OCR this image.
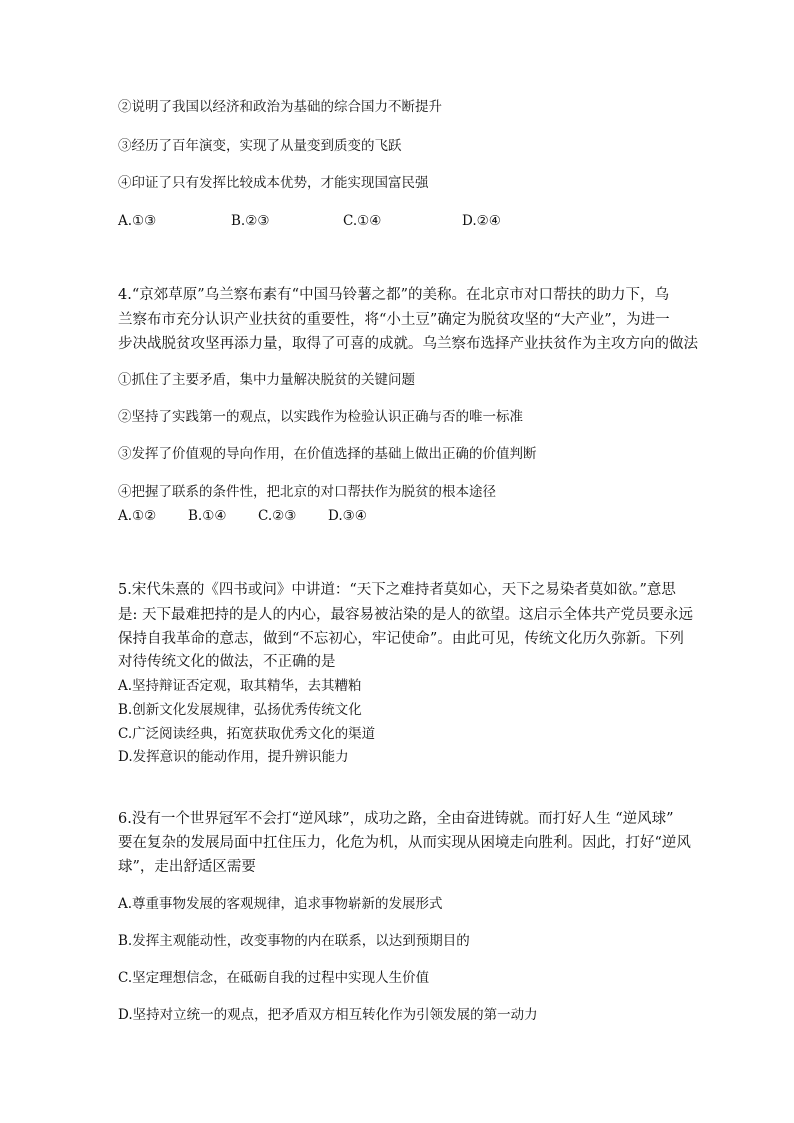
②说明了我国以经济和政治为基础的综合国力不断提升
③经历了百年演变，实现了从量变到质变的飞跃
④印证了只有发挥比较成本优势，才能实现国富民强
A.①③	B.②③	C.①④	D.②④
4.“京郊草原”乌兰察布素有“中国马铃薯之都”的美称。在北京市对口帮扶的助力下，乌
兰察布市充分认识产业扶贫的重要性，将“小土豆”确定为脱贫攻坚的“大产业”，为进一
步决战脱贫攻坚再添力量，取得了可喜的成就。乌兰察布选择产业扶贫作为主攻方向的做法
①抓住了主要矛盾，集中力量解决脱贫的关键问题
②坚持了实践第一的观点，以实践作为检验认识正确与否的唯一标准
③发挥了价值观的导向作用，在价值选择的基础上做出正确的价值判断
④把握了联系的条件性，把北京的对口帮扶作为脱贫的根本途径
A.①② B.①④ C.②③ D.③④
5.宋代朱熹的《四书或问》中讲道：“天下之难持者莫如心，天下之易染者莫如欲。”意思
是: 天下最难把持的是人的内心，最容易被沾染的是人的欲望。这启示全体共产党员要永远
保持自我革命的意志，做到“不忘初心，牢记使命”。由此可见，传统文化历久弥新。下列
对待传统文化的做法，不正确的是
A.坚持辩证否定观，取其精华，去其糟粕
B.创新文化发展规律，弘扬优秀传统文化
C.广泛阅读经典，拓宽获取优秀文化的渠道
D.发挥意识的能动作用，提升辨识能力
6.没有一个世界冠军不会打“逆风球”，成功之路，全由奋进铸就。而打好人生 “逆风球”
要在复杂的发展局面中扛住压力，化危为机，从而实现从困境走向胜利。因此，打好“逆风
球”，走出舒适区需要
A.尊重事物发展的客观规律，追求事物崭新的发展形式
B.发挥主观能动性，改变事物的内在联系，以达到预期目的
C.坚定理想信念，在砥砺自我的过程中实现人生价值
D.坚持对立统一的观点，把矛盾双方相互转化作为引领发展的第一动力
